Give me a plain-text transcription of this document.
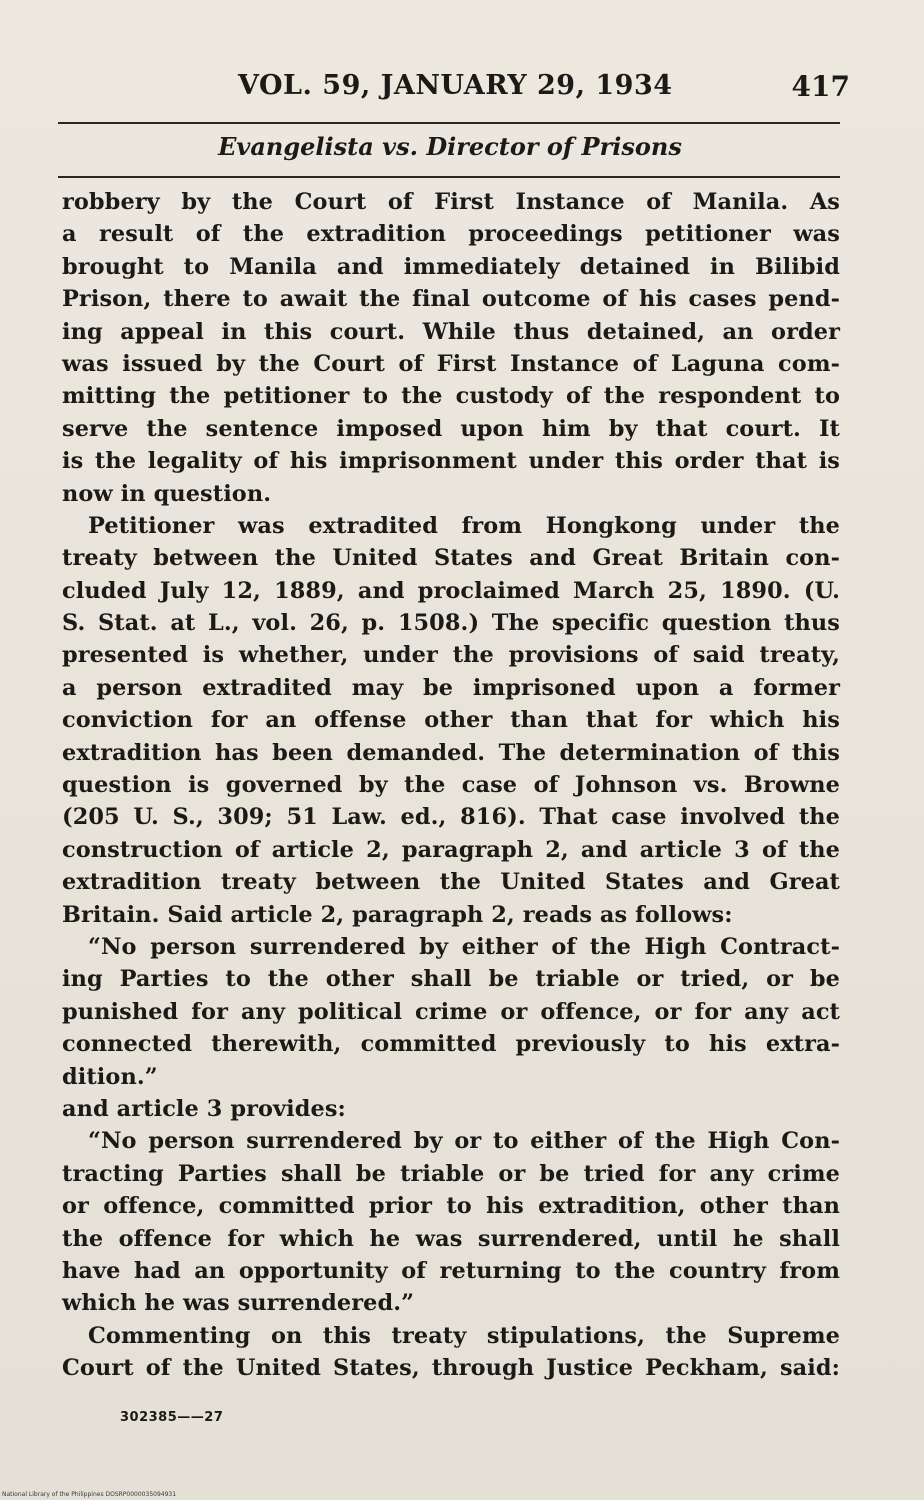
VOL. 59, JANUARY 29, 1934	417
Evangelista vs. Director of Prisons
robbery by the Court of First Instance of Manila. As
a result of the extradition proceedings petitioner was
brought to Manila and immediately detained in Bilibid
Prison, there to await the final outcome of his cases pend-
ing appeal in this court. While thus detained, an order
was issued by the Court of First Instance of Laguna com-
mitting the petitioner to the custody of the respondent to
serve the sentence imposed upon him by that court. It
is the legality of his imprisonment under this order that is
now in question.
Petitioner was extradited from Hongkong under the
treaty between the United States and Great Britain con-
cluded July 12, 1889, and proclaimed March 25, 1890. (U.
S. Stat. at L., vol. 26, p. 1508.) The specific question thus
presented is whether, under the provisions of said treaty,
a person extradited may be imprisoned upon a former
conviction for an offense other than that for which his
extradition has been demanded. The determination of this
question is governed by the case of Johnson vs. Browne
(205 U. S., 309; 51 Law. ed., 816). That case involved the
construction of article 2, paragraph 2, and article 3 of the
extradition treaty between the United States and Great
Britain. Said article 2, paragraph 2, reads as follows:
“No person surrendered by either of the High Contract-
ing Parties to the other shall be triable or tried, or be
punished for any political crime or offence, or for any act
connected therewith, committed previously to his extra-
dition.”
and article 3 provides:
“No person surrendered by or to either of the High Con-
tracting Parties shall be triable or be tried for any crime
or offence, committed prior to his extradition, other than
the offence for which he was surrendered, until he shall
have had an opportunity of returning to the country from
which he was surrendered.”
Commenting on this treaty stipulations, the Supreme
Court of the United States, through Justice Peckham, said:
302385——27
National Library of the Philippines DOSRP0000035094931
